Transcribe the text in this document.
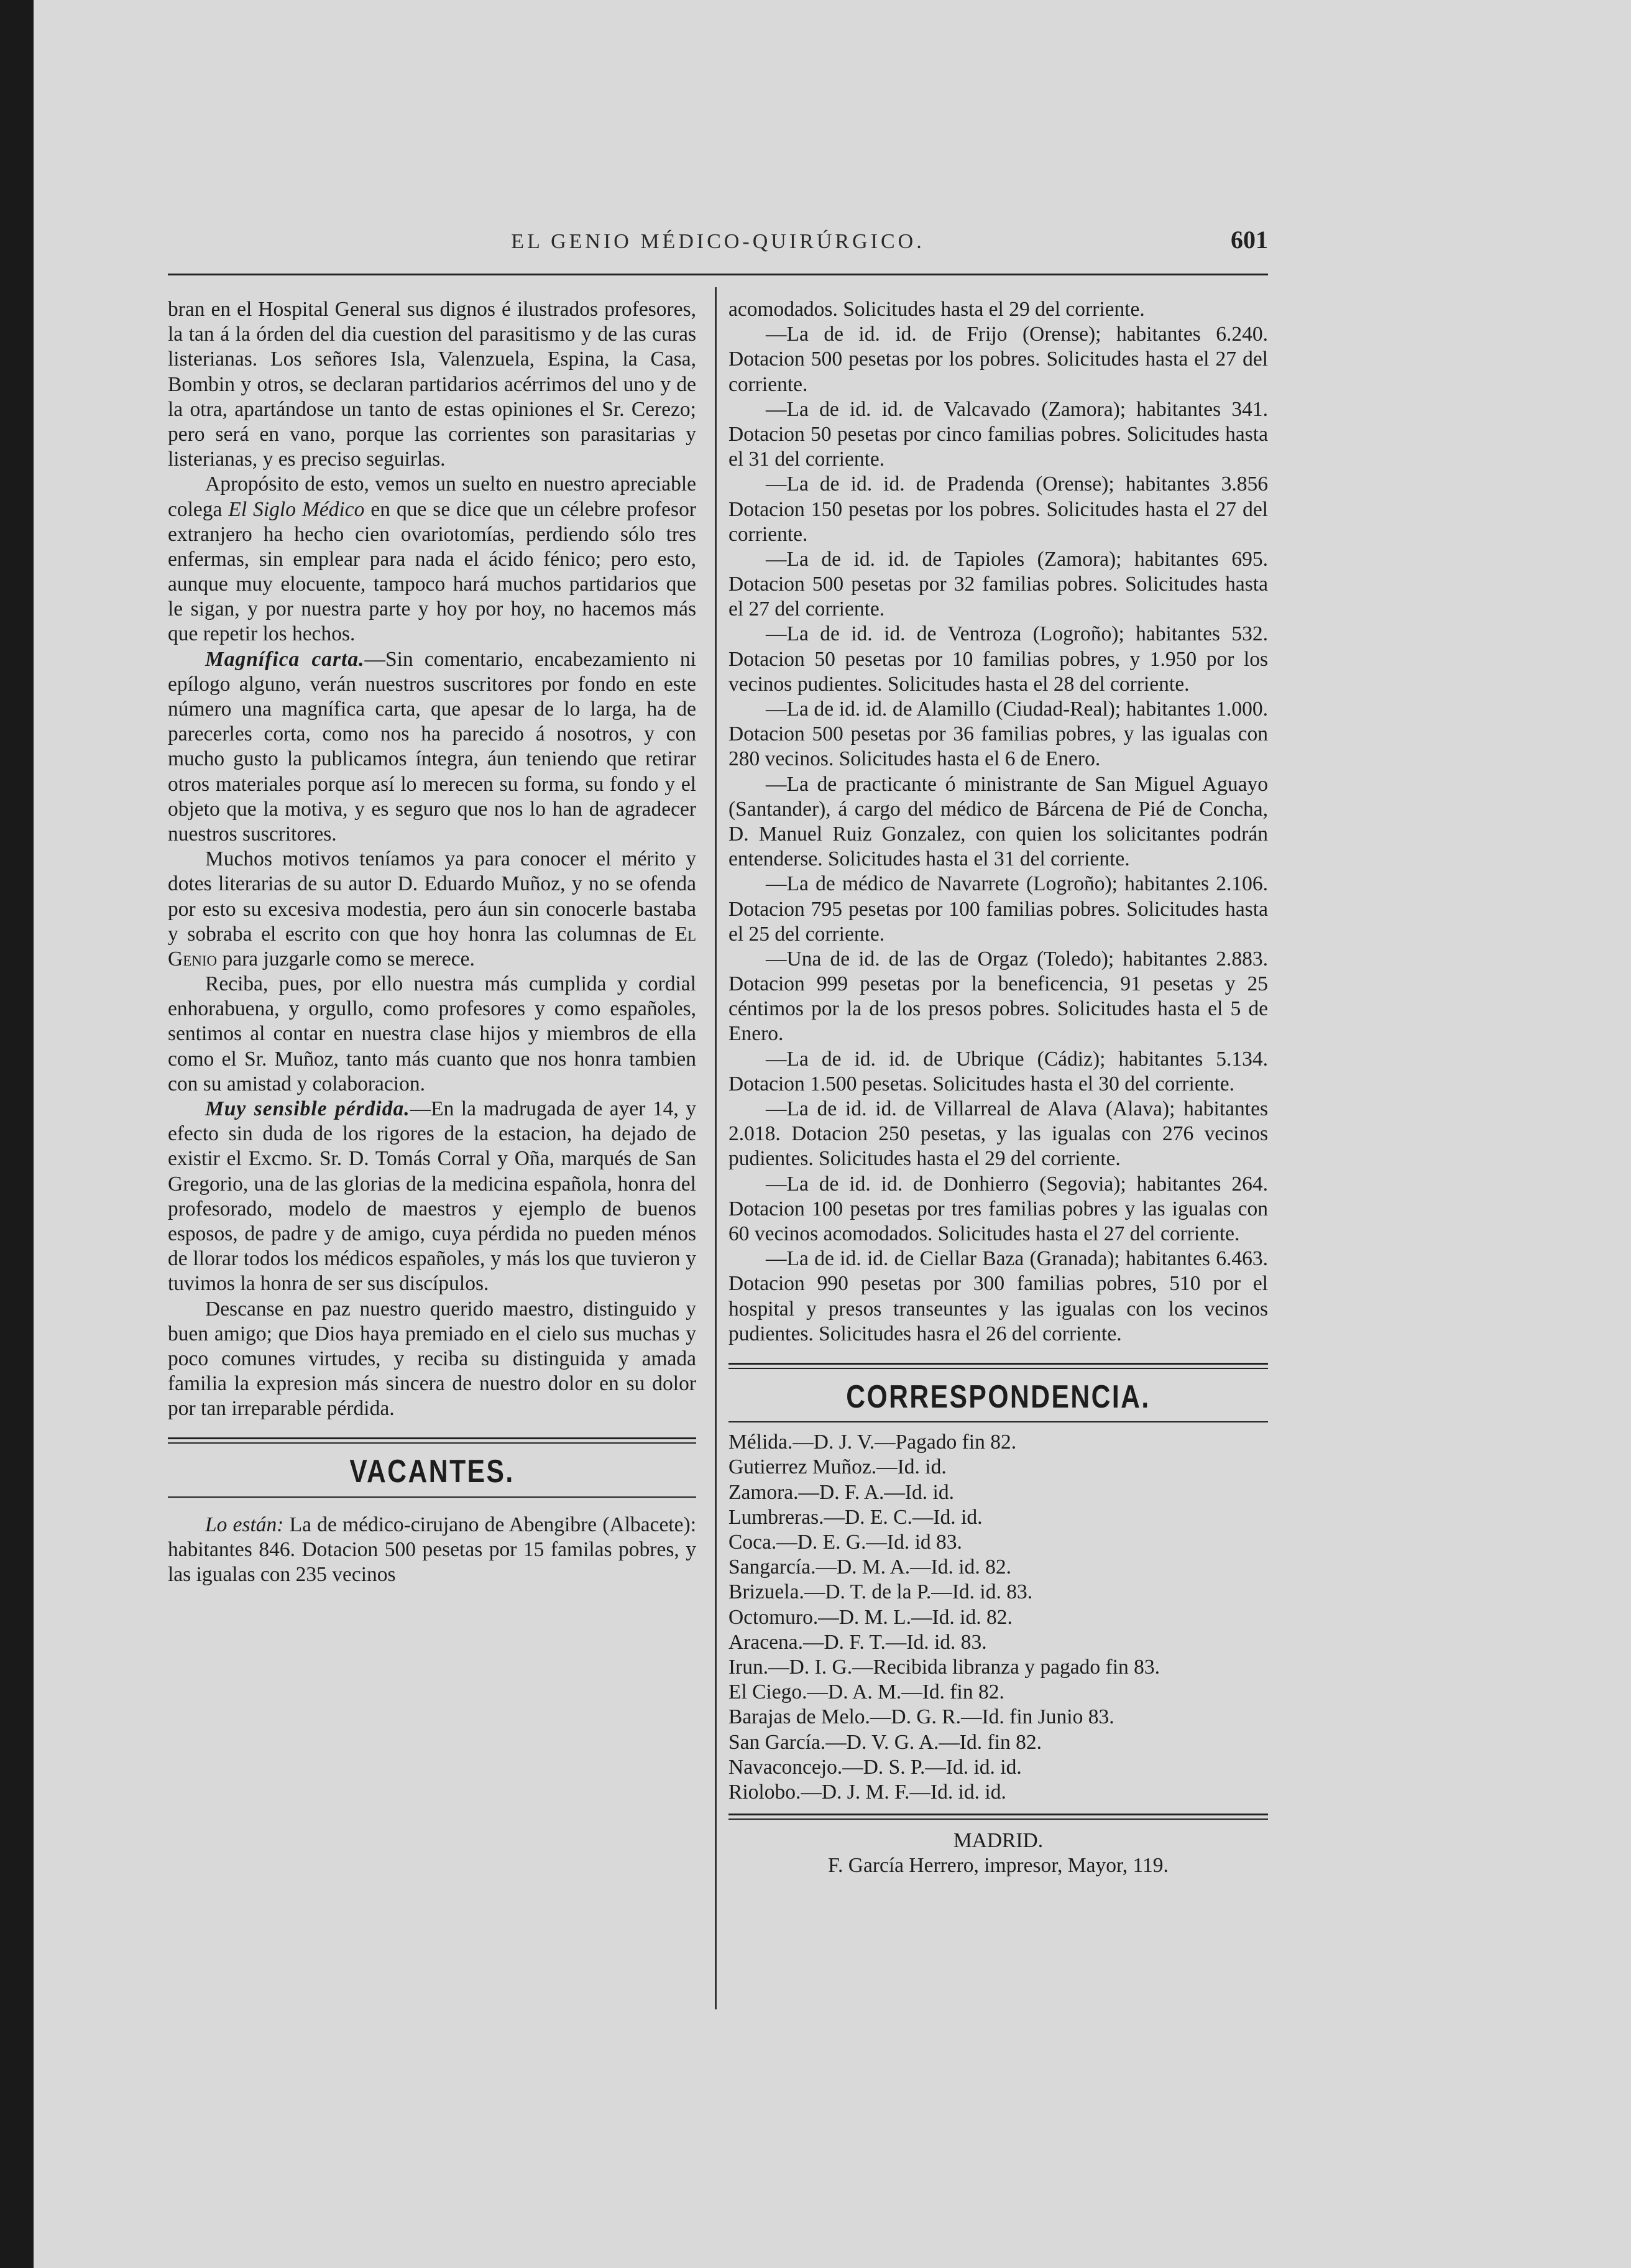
EL GENIO MÉDICO-QUIRÚRGICO.	601

bran en el Hospital General sus dignos é ilustrados profesores, la tan á la órden del dia cuestion del parasitismo y de las curas listerianas. Los señores Isla, Valenzuela, Espina, la Casa, Bombin y otros, se declaran partidarios acérrimos del uno y de la otra, apartándose un tanto de estas opiniones el Sr. Cerezo; pero será en vano, porque las corrientes son parasitarias y listerianas, y es preciso seguirlas.

Apropósito de esto, vemos un suelto en nuestro apreciable colega El Siglo Médico en que se dice que un célebre profesor extranjero ha hecho cien ovariotomías, perdiendo sólo tres enfermas, sin emplear para nada el ácido fénico; pero esto, aunque muy elocuente, tampoco hará muchos partidarios que le sigan, y por nuestra parte y hoy por hoy, no hacemos más que repetir los hechos.

Magnífica carta.—Sin comentario, encabezamiento ni epílogo alguno, verán nuestros suscritores por fondo en este número una magnífica carta, que apesar de lo larga, ha de parecerles corta, como nos ha parecido á nosotros, y con mucho gusto la publicamos íntegra, áun teniendo que retirar otros materiales porque así lo merecen su forma, su fondo y el objeto que la motiva, y es seguro que nos lo han de agradecer nuestros suscritores.

Muchos motivos teníamos ya para conocer el mérito y dotes literarias de su autor D. Eduardo Muñoz, y no se ofenda por esto su excesiva modestia, pero áun sin conocerle bastaba y sobraba el escrito con que hoy honra las columnas de El Genio para juzgarle como se merece.

Reciba, pues, por ello nuestra más cumplida y cordial enhorabuena, y orgullo, como profesores y como españoles, sentimos al contar en nuestra clase hijos y miembros de ella como el Sr. Muñoz, tanto más cuanto que nos honra tambien con su amistad y colaboracion.

Muy sensible pérdida.—En la madrugada de ayer 14, y efecto sin duda de los rigores de la estacion, ha dejado de existir el Excmo. Sr. D. Tomás Corral y Oña, marqués de San Gregorio, una de las glorias de la medicina española, honra del profesorado, modelo de maestros y ejemplo de buenos esposos, de padre y de amigo, cuya pérdida no pueden ménos de llorar todos los médicos españoles, y más los que tuvieron y tuvimos la honra de ser sus discípulos.

Descanse en paz nuestro querido maestro, distinguido y buen amigo; que Dios haya premiado en el cielo sus muchas y poco comunes virtudes, y reciba su distinguida y amada familia la expresion más sincera de nuestro dolor en su dolor por tan irreparable pérdida.

VACANTES.

Lo están: La de médico-cirujano de Abengibre (Albacete): habitantes 846. Dotacion 500 pesetas por 15 familas pobres, y las igualas con 235 vecinos

acomodados. Solicitudes hasta el 29 del corriente.

—La de id. id. de Frijo (Orense); habitantes 6.240. Dotacion 500 pesetas por los pobres. Solicitudes hasta el 27 del corriente.

—La de id. id. de Valcavado (Zamora); habitantes 341. Dotacion 50 pesetas por cinco familias pobres. Solicitudes hasta el 31 del corriente.

—La de id. id. de Pradenda (Orense); habitantes 3.856 Dotacion 150 pesetas por los pobres. Solicitudes hasta el 27 del corriente.

—La de id. id. de Tapioles (Zamora); habitantes 695. Dotacion 500 pesetas por 32 familias pobres. Solicitudes hasta el 27 del corriente.

—La de id. id. de Ventroza (Logroño); habitantes 532. Dotacion 50 pesetas por 10 familias pobres, y 1.950 por los vecinos pudientes. Solicitudes hasta el 28 del corriente.

—La de id. id. de Alamillo (Ciudad-Real); habitantes 1.000. Dotacion 500 pesetas por 36 familias pobres, y las igualas con 280 vecinos. Solicitudes hasta el 6 de Enero.

—La de practicante ó ministrante de San Miguel Aguayo (Santander), á cargo del médico de Bárcena de Pié de Concha, D. Manuel Ruiz Gonzalez, con quien los solicitantes podrán entenderse. Solicitudes hasta el 31 del corriente.

—La de médico de Navarrete (Logroño); habitantes 2.106. Dotacion 795 pesetas por 100 familias pobres. Solicitudes hasta el 25 del corriente.

—Una de id. de las de Orgaz (Toledo); habitantes 2.883. Dotacion 999 pesetas por la beneficencia, 91 pesetas y 25 céntimos por la de los presos pobres. Solicitudes hasta el 5 de Enero.

—La de id. id. de Ubrique (Cádiz); habitantes 5.134. Dotacion 1.500 pesetas. Solicitudes hasta el 30 del corriente.

—La de id. id. de Villarreal de Alava (Alava); habitantes 2.018. Dotacion 250 pesetas, y las igualas con 276 vecinos pudientes. Solicitudes hasta el 29 del corriente.

—La de id. id. de Donhierro (Segovia); habitantes 264. Dotacion 100 pesetas por tres familias pobres y las igualas con 60 vecinos acomodados. Solicitudes hasta el 27 del corriente.

—La de id. id. de Ciellar Baza (Granada); habitantes 6.463. Dotacion 990 pesetas por 300 familias pobres, 510 por el hospital y presos transeuntes y las igualas con los vecinos pudientes. Solicitudes hasra el 26 del corriente.

CORRESPONDENCIA.

Mélida.—D. J. V.—Pagado fin 82.

Gutierrez Muñoz.—Id. id.

Zamora.—D. F. A.—Id. id.

Lumbreras.—D. E. C.—Id. id.

Coca.—D. E. G.—Id. id 83.

Sangarcía.—D. M. A.—Id. id. 82.

Brizuela.—D. T. de la P.—Id. id. 83.

Octomuro.—D. M. L.—Id. id. 82.

Aracena.—D. F. T.—Id. id. 83.

Irun.—D. I. G.—Recibida libranza y pagado fin 83.

El Ciego.—D. A. M.—Id. fin 82.

Barajas de Melo.—D. G. R.—Id. fin Junio 83.

San García.—D. V. G. A.—Id. fin 82.

Navaconcejo.—D. S. P.—Id. id. id.

Riolobo.—D. J. M. F.—Id. id. id.

MADRID.

F. García Herrero, impresor, Mayor, 119.
